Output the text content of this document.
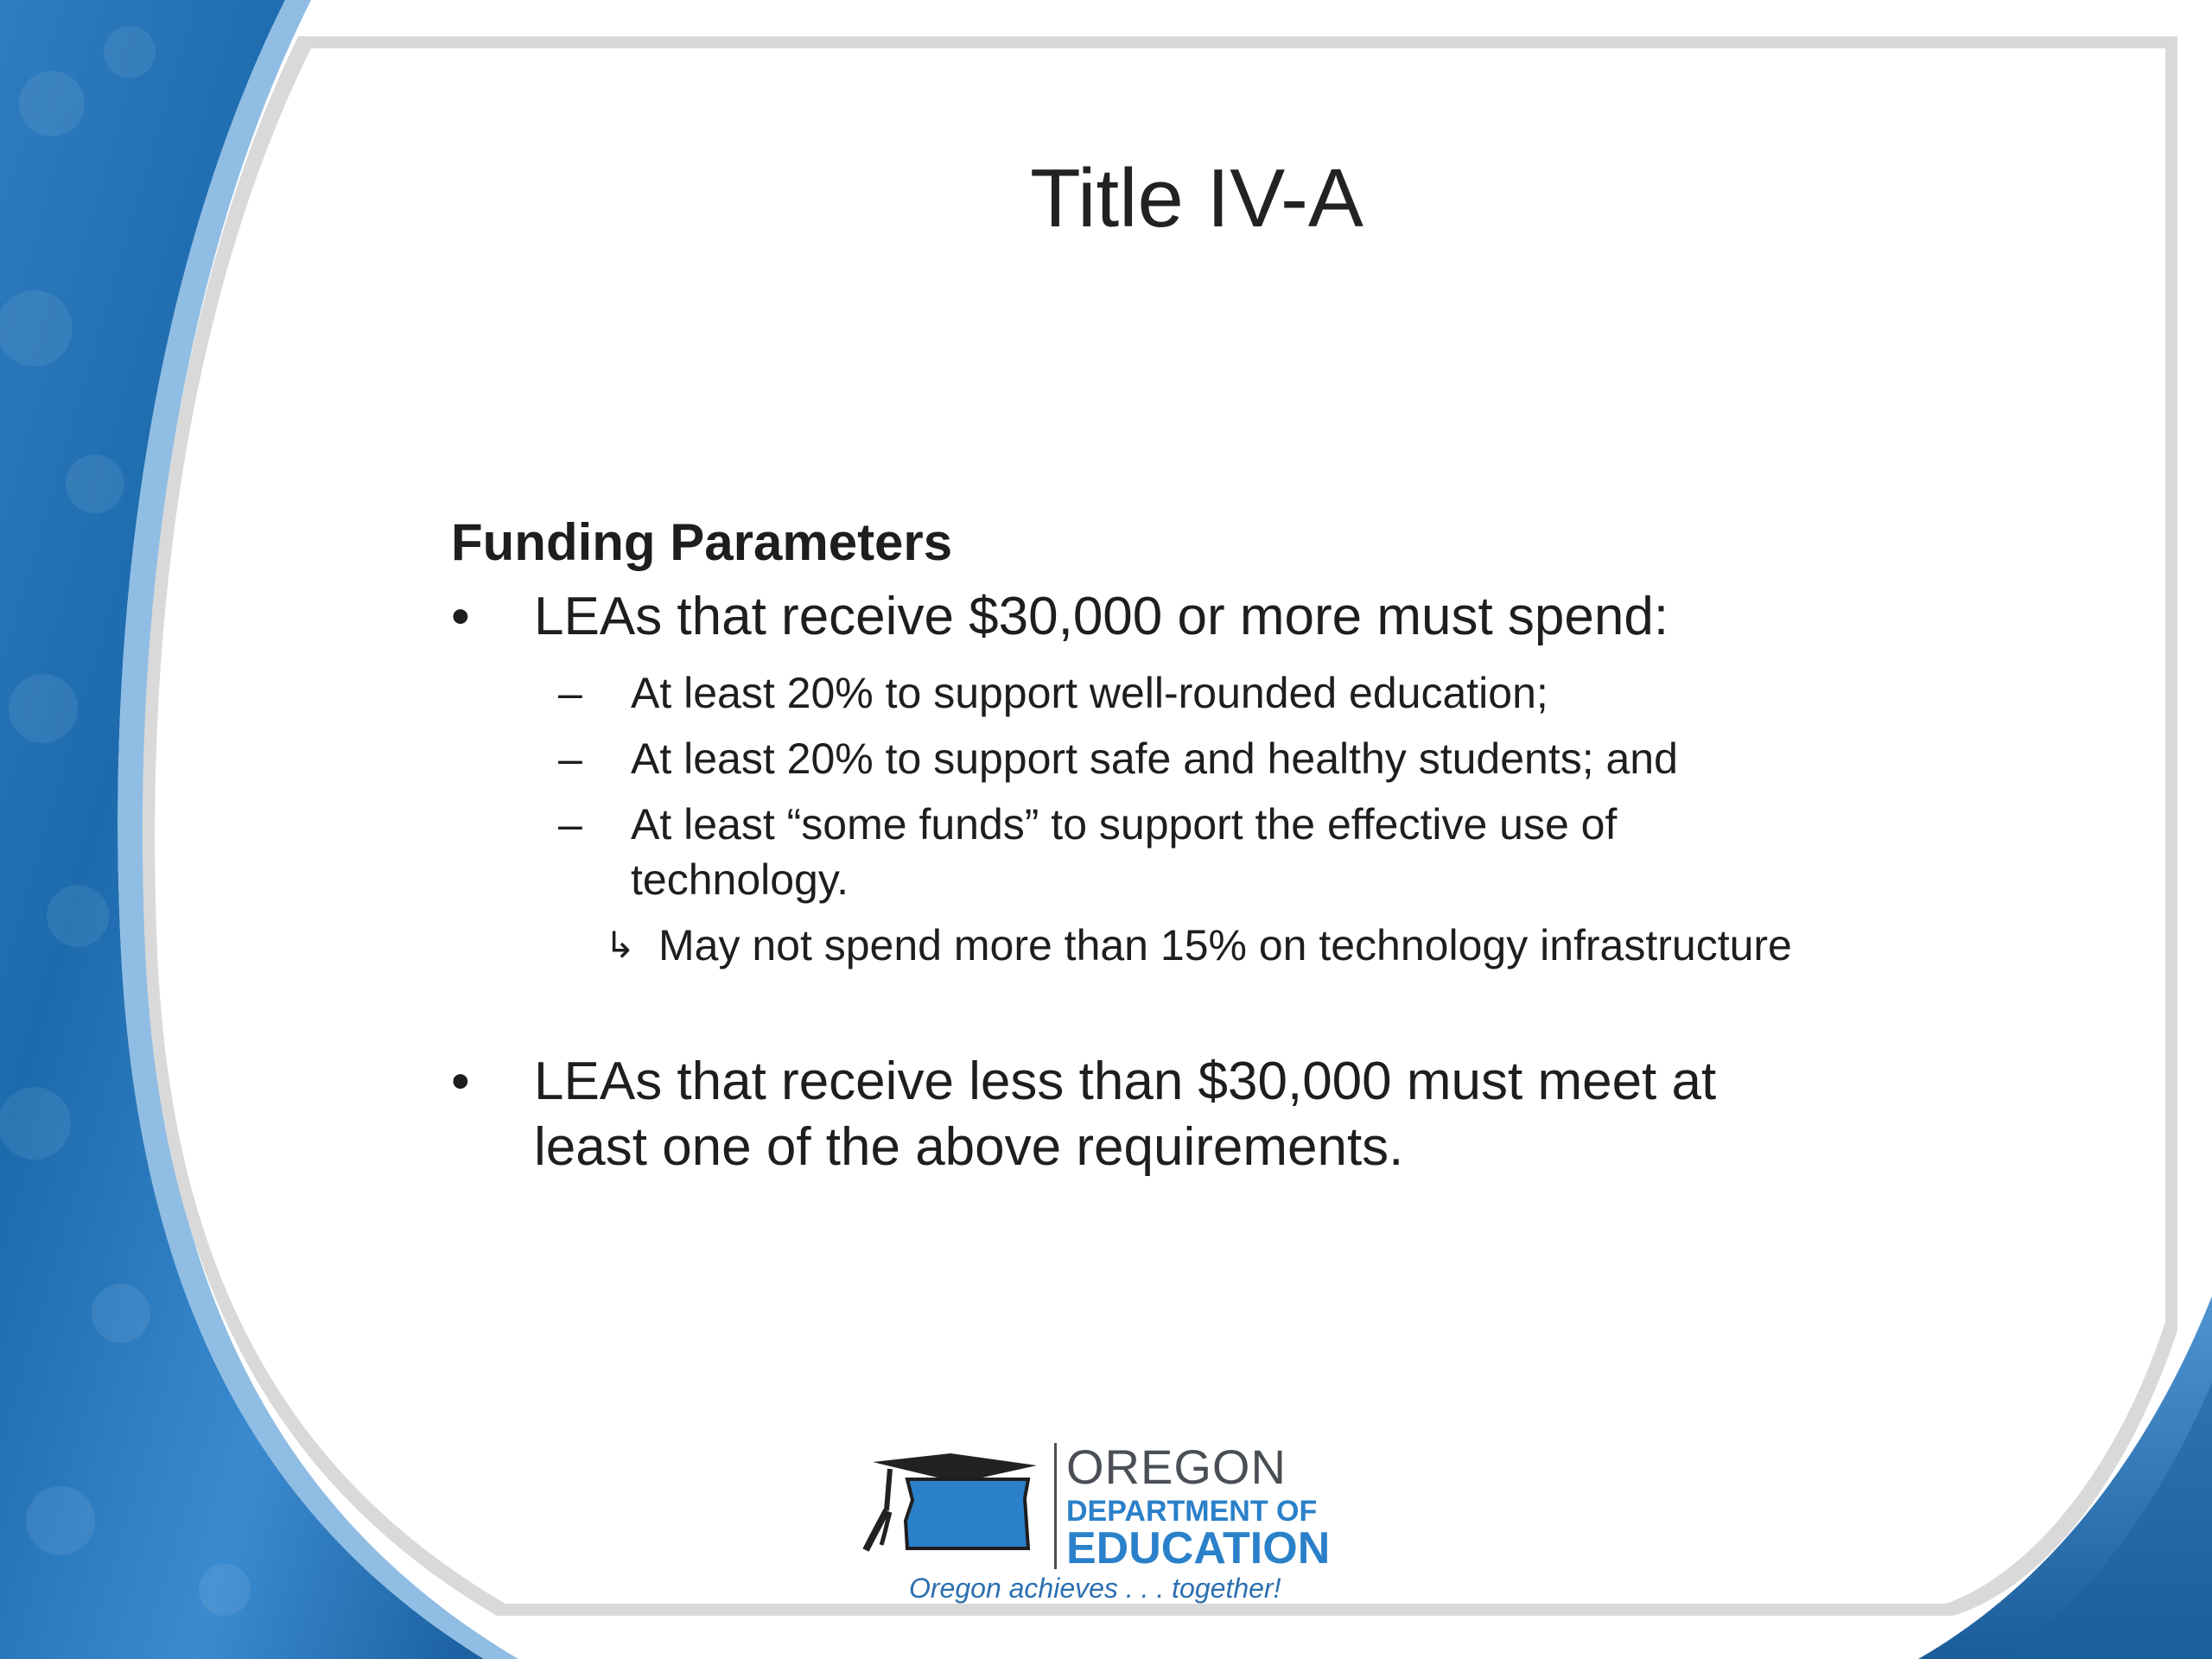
Title IV-A
Funding Parameters
•	LEAs that receive $30,000 or more must spend:
– At least 20% to support well-rounded education;
– At least 20% to support safe and healthy students; and
– At least “some funds” to support the effective use of technology.
↳ May not spend more than 15% on technology infrastructure
•	LEAs that receive less than $30,000 must meet at least one of the above requirements.
OREGON
DEPARTMENT OF
EDUCATION
Oregon achieves . . . together!
